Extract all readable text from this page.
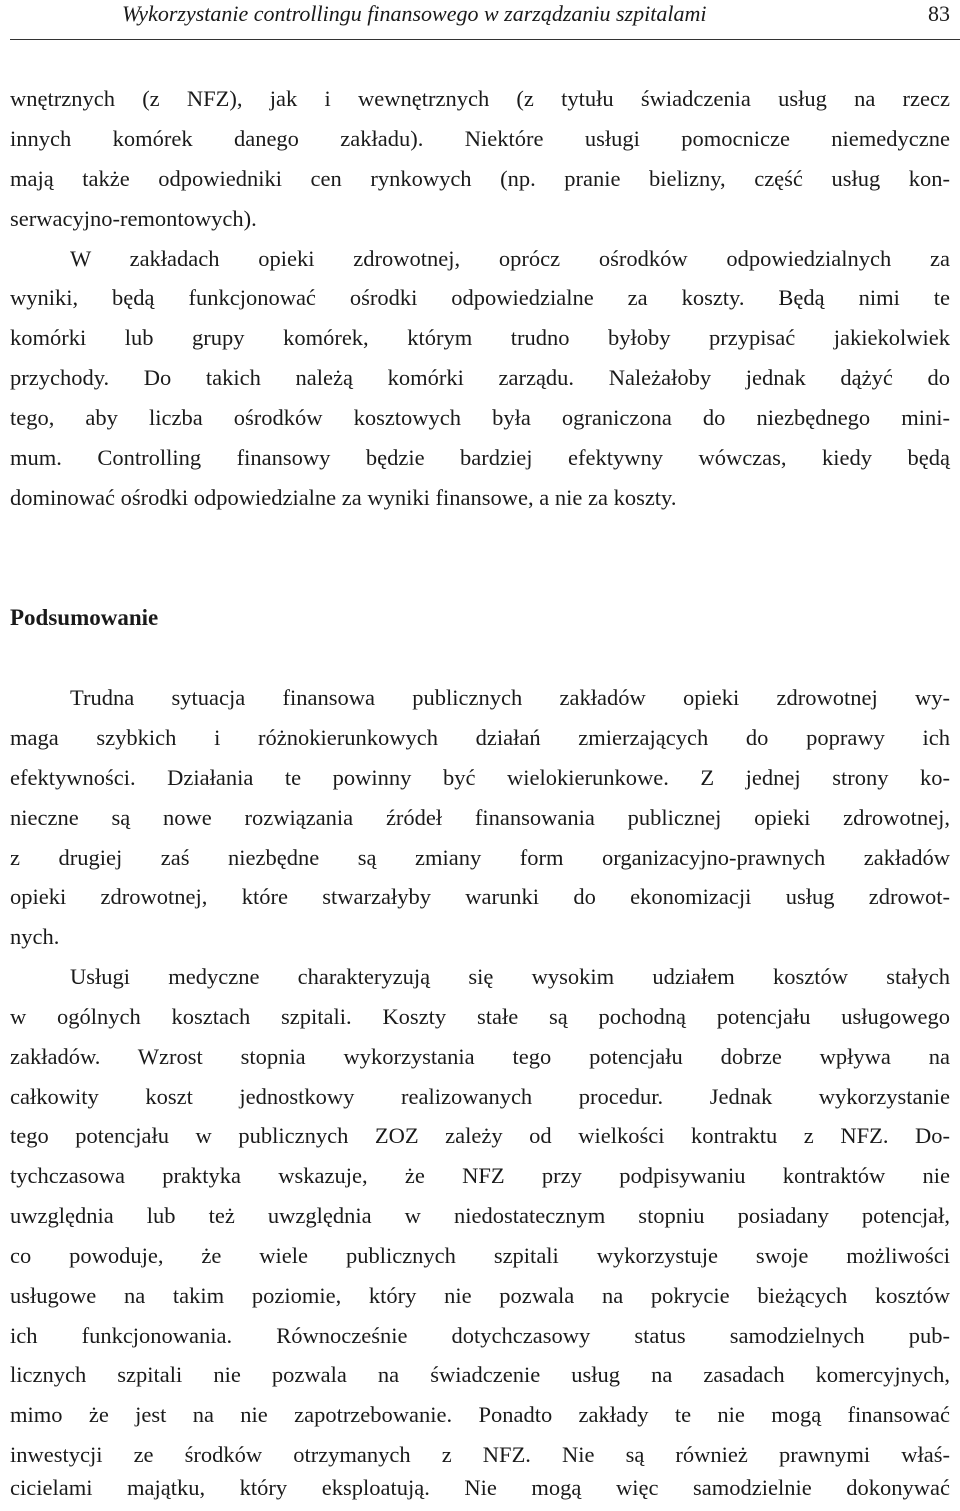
Wykorzystanie controllingu finansowego w zarządzaniu szpitalami	83
wnętrznych (z NFZ), jak i wewnętrznych (z tytułu świadczenia usług na rzecz
innych komórek danego zakładu). Niektóre usługi pomocnicze niemedyczne
mają także odpowiedniki cen rynkowych (np. pranie bielizny, część usług kon-
serwacyjno-remontowych).
W zakładach opieki zdrowotnej, oprócz ośrodków odpowiedzialnych za
wyniki, będą funkcjonować ośrodki odpowiedzialne za koszty. Będą nimi te
komórki lub grupy komórek, którym trudno byłoby przypisać jakiekolwiek
przychody. Do takich należą komórki zarządu. Należałoby jednak dążyć do
tego, aby liczba ośrodków kosztowych była ograniczona do niezbędnego mini-
mum. Controlling finansowy będzie bardziej efektywny wówczas, kiedy będą
dominować ośrodki odpowiedzialne za wyniki finansowe, a nie za koszty.
Podsumowanie
Trudna sytuacja finansowa publicznych zakładów opieki zdrowotnej wy-
maga szybkich i różnokierunkowych działań zmierzających do poprawy ich
efektywności. Działania te powinny być wielokierunkowe. Z jednej strony ko-
nieczne są nowe rozwiązania źródeł finansowania publicznej opieki zdrowotnej,
z drugiej zaś niezbędne są zmiany form organizacyjno-prawnych zakładów
opieki zdrowotnej, które stwarzałyby warunki do ekonomizacji usług zdrowot-
nych.
Usługi medyczne charakteryzują się wysokim udziałem kosztów stałych
w ogólnych kosztach szpitali. Koszty stałe są pochodną potencjału usługowego
zakładów. Wzrost stopnia wykorzystania tego potencjału dobrze wpływa na
całkowity koszt jednostkowy realizowanych procedur. Jednak wykorzystanie
tego potencjału w publicznych ZOZ zależy od wielkości kontraktu z NFZ. Do-
tychczasowa praktyka wskazuje, że NFZ przy podpisywaniu kontraktów nie
uwzględnia lub też uwzględnia w niedostatecznym stopniu posiadany potencjał,
co powoduje, że wiele publicznych szpitali wykorzystuje swoje możliwości
usługowe na takim poziomie, który nie pozwala na pokrycie bieżących kosztów
ich funkcjonowania. Równocześnie dotychczasowy status samodzielnych pub-
licznych szpitali nie pozwala na świadczenie usług na zasadach komercyjnych,
mimo że jest na nie zapotrzebowanie. Ponadto zakłady te nie mogą finansować
inwestycji ze środków otrzymanych z NFZ. Nie są również prawnymi właś-
cicielami majątku, który eksploatują. Nie mogą więc samodzielnie dokonywać
